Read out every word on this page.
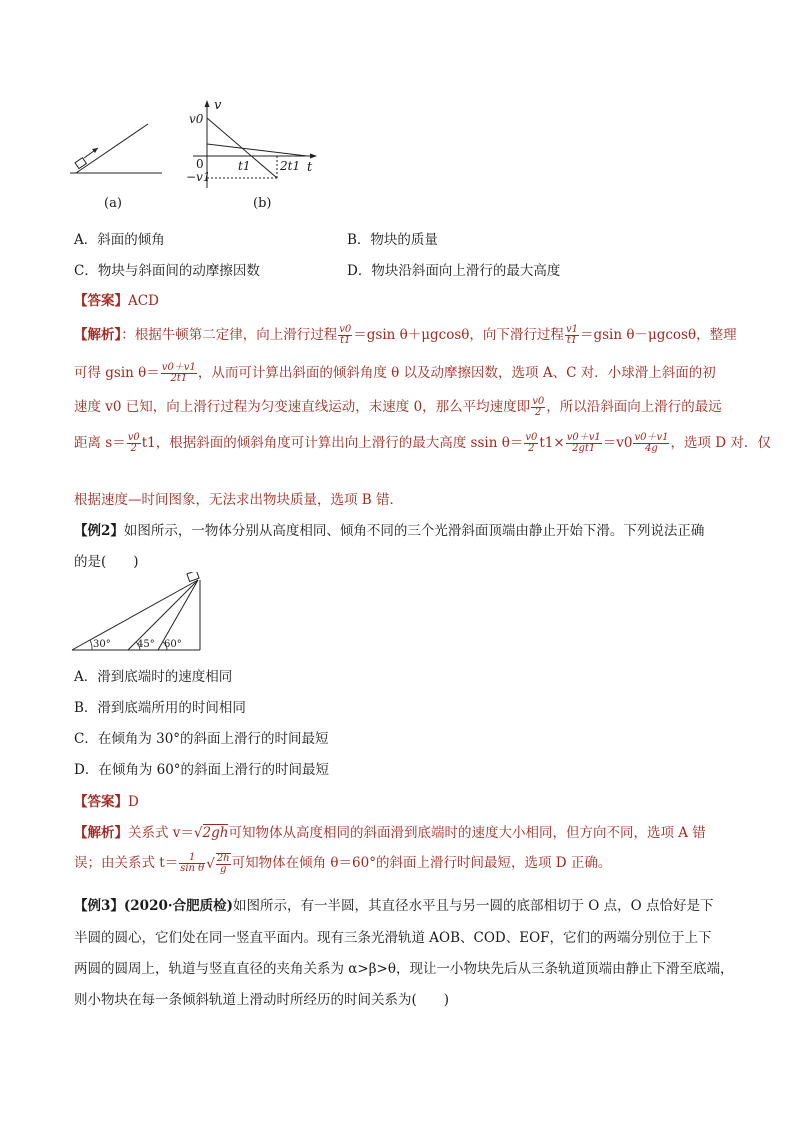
(a)
v
t
v0
0
−v1
t1 2t1
(b)
A．斜面的倾角	B．物块的质量
C．物块与斜面间的动摩擦因数	D．物块沿斜面向上滑行的最大高度
【答案】ACD
【解析】：根据牛顿第二定律，向上滑行过程 $\frac{v0}{t1} =gsin$ θ＋μgcosθ，向下滑行过程 $\frac{v1}{t1} =gsin$ θ－μgcosθ，整理
可得 gsin $\theta= \frac{v0+v1}{2t1}$ ，从而可计算出斜面的倾斜角度 θ 以及动摩擦因数，选项 A、C 对．小球滑上斜面的初
速度 v0 已知，向上滑行过程为匀变速直线运动，末速度 0，那么平均速度即 $\frac{v0}{2}$ ，所以沿斜面向上滑行的最远
距离 $s= \frac{v0}{2} t1$，根据斜面的倾斜角度可计算出向上滑行的最大高度 ssin $\theta= \frac{v0}{2} t1\times \frac{v0+v1}{2gt1} =v0 \frac{v0+v1}{4g}$ ，选项 D 对．仅
根据速度—时间图象，无法求出物块质量，选项 B 错．
【例2】如图所示，一物体分别从高度相同、倾角不同的三个光滑斜面顶端由静止开始下滑。下列说法正确
的是(　　)
30°	45° 60°
A．滑到底端时的速度相同
B．滑到底端所用的时间相同
C．在倾角为 30°的斜面上滑行的时间最短
D．在倾角为 60°的斜面上滑行的时间最短
【答案】D
【解析】关系式 v＝√2gh可知物体从高度相同的斜面滑到底端时的速度大小相同，但方向不同，选项 A 错
误；由关系式 $t= \frac{1}{\text{sin θ}}$ √ $\frac{2h}{g}$ 可知物体在倾角 θ＝60°的斜面上滑行时间最短，选项 D 正确。
【例3】(2020·合肥质检)如图所示，有一半圆，其直径水平且与另一圆的底部相切于 O 点，O 点恰好是下
半圆的圆心，它们处在同一竖直平面内。现有三条光滑轨道 AOB、COD、EOF，它们的两端分别位于上下
两圆的圆周上，轨道与竖直直径的夹角关系为 α>β>θ，现让一小物块先后从三条轨道顶端由静止下滑至底端，
则小物块在每一条倾斜轨道上滑动时所经历的时间关系为(　　)
